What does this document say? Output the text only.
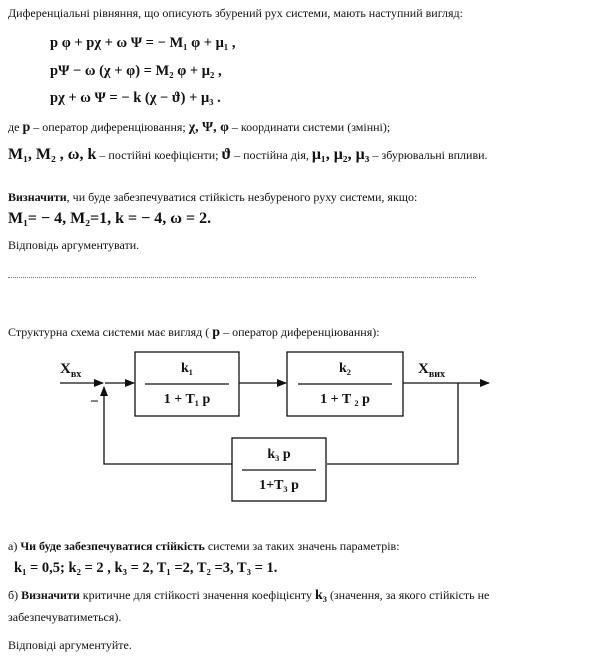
Диференціальні рівняння, що описують збурений рух системи, мають наступний вигляд:
p φ + pχ + ω Ψ = − M₁ φ + μ₁ ,
pΨ − ω (χ + φ) = M₂ φ + μ₂ ,
pχ + ω Ψ = − k (χ − ϑ) + μ₃ .
де p – оператор диференціювання; χ, Ψ, φ – координати системи (змінні);
M₁, M₂ , ω, k – постійні коефіцієнти; ϑ – постійна дія, μ₁, μ₂, μ₃ – збурювальні впливи.
Визначити, чи буде забезпечуватися стійкість незбуреного руху системи, якщо:
M₁= − 4, M₂=1, k = − 4, ω = 2.
Відповідь аргументувати.
Структурна схема системи має вигляд ( p – оператор диференціювання):
$X_{вх}$
−
$X_{вих}$
k₁
1 + T₁ p
k₂
1 + T ₂ p
k₃ p
1+T₃ p
а) Чи буде забезпечуватися стійкість системи за таких значень параметрів:
k₁ = 0,5; k₂ = 2 , k₃ = 2, T₁ =2, T₂ =3, T₃ = 1.
б) Визначити критичне для стійкості значення коефіцієнту k₃ (значення, за якого стійкість не
забезпечуватиметься).
Відповіді аргументуйте.
